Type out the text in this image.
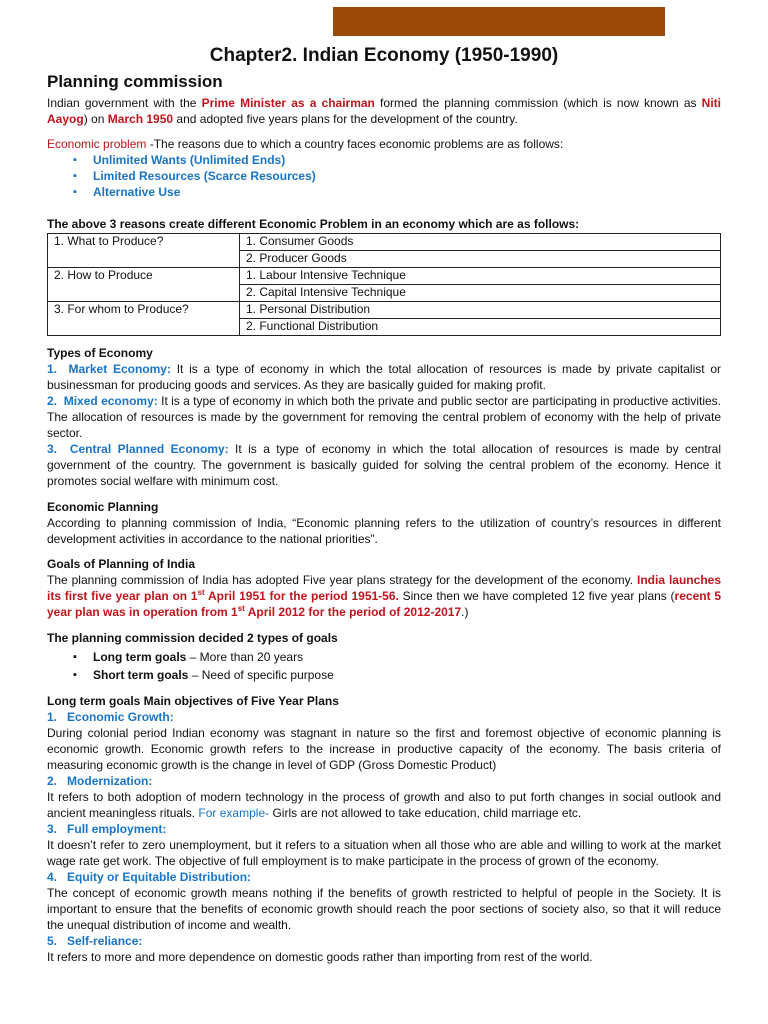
Chapter2. Indian Economy (1950-1990)
Planning commission

Indian government with the Prime Minister as a chairman formed the planning commission (which is now known as Niti Aayog) on March 1950 and adopted five years plans for the development of the country.

Economic problem -The reasons due to which a country faces economic problems are as follows:

▪ Unlimited Wants (Unlimited Ends)
▪ Limited Resources (Scarce Resources)
▪ Alternative Use

The above 3 reasons create different Economic Problem in an economy which are as follows:

1. What to Produce?	1. Consumer Goods
	2. Producer Goods
2. How to Produce	1. Labour Intensive Technique
	2. Capital Intensive Technique
3. For whom to Produce?	1. Personal Distribution
	2. Functional Distribution
Types of Economy

1. Market Economy: It is a type of economy in which the total allocation of resources is made by private capitalist or businessman for producing goods and services. As they are basically guided for making profit.

2. Mixed economy: It is a type of economy in which both the private and public sector are participating in productive activities. The allocation of resources is made by the government for removing the central problem of economy with the help of private sector.

3. Central Planned Economy: It is a type of economy in which the total allocation of resources is made by central government of the country. The government is basically guided for solving the central problem of the economy. Hence it promotes social welfare with minimum cost.

Economic Planning

According to planning commission of India, “Economic planning refers to the utilization of country’s resources in different development activities in accordance to the national priorities”.

Goals of Planning of India

The planning commission of India has adopted Five year plans strategy for the development of the economy. India launches its first five year plan on 1st April 1951 for the period 1951-56. Since then we have completed 12 five year plans (recent 5 year plan was in operation from 1st April 2012 for the period of 2012-2017.)

The planning commission decided 2 types of goals
▪ Long term goals – More than 20 years
▪ Short term goals – Need of specific purpose
Long term goals Main objectives of Five Year Plans
1. Economic Growth:

During colonial period Indian economy was stagnant in nature so the first and foremost objective of economic planning is economic growth. Economic growth refers to the increase in productive capacity of the economy. The basis criteria of measuring economic growth is the change in level of GDP (Gross Domestic Product)

2. Modernization:

It refers to both adoption of modern technology in the process of growth and also to put forth changes in social outlook and ancient meaningless rituals. For example- Girls are not allowed to take education, child marriage etc.

3. Full employment:

It doesn’t refer to zero unemployment, but it refers to a situation when all those who are able and willing to work at the market wage rate get work. The objective of full employment is to make participate in the process of grown of the economy.

4. Equity or Equitable Distribution:

The concept of economic growth means nothing if the benefits of growth restricted to helpful of people in the Society. It is important to ensure that the benefits of economic growth should reach the poor sections of society also, so that it will reduce the unequal distribution of income and wealth.

5. Self-reliance:

It refers to more and more dependence on domestic goods rather than importing from rest of the world.
